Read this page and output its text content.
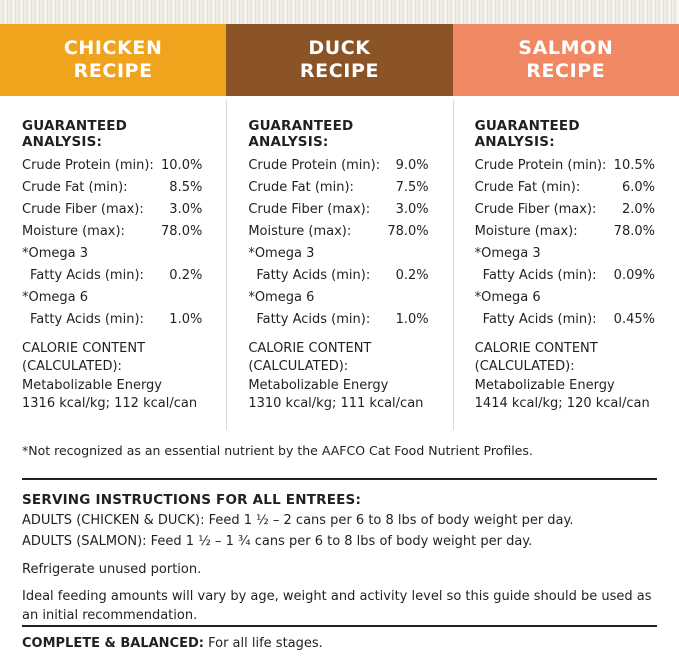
CHICKEN
RECIPE
DUCK
RECIPE
SALMON
RECIPE
GUARANTEED ANALYSIS:
Crude Protein (min): 10.0%
Crude Fat (min):	8.5%
Crude Fiber (max): 3.0%
Moisture (max):	78.0%
*Omega 3
Fatty Acids (min): 0.2%
*Omega 6
Fatty Acids (min): 1.0%
CALORIE CONTENT
(CALCULATED):
Metabolizable Energy
1316 kcal/kg; 112 kcal/can
GUARANTEED ANALYSIS:
Crude Protein (min): 9.0%
Crude Fat (min):	7.5%
Crude Fiber (max): 3.0%
Moisture (max):	78.0%
*Omega 3
Fatty Acids (min): 0.2%
*Omega 6
Fatty Acids (min): 1.0%
CALORIE CONTENT
(CALCULATED):
Metabolizable Energy
1310 kcal/kg; 111 kcal/can
GUARANTEED ANALYSIS:
Crude Protein (min): 10.5%
Crude Fat (min):	6.0%
Crude Fiber (max): 2.0%
Moisture (max):	78.0%
*Omega 3
Fatty Acids (min): 0.09%
*Omega 6
Fatty Acids (min): 0.45%
CALORIE CONTENT
(CALCULATED):
Metabolizable Energy
1414 kcal/kg; 120 kcal/can
*Not recognized as an essential nutrient by the AAFCO Cat Food Nutrient Profiles.
SERVING INSTRUCTIONS FOR ALL ENTREES:

ADULTS (CHICKEN & DUCK): Feed 1 ½ – 2 cans per 6 to 8 lbs of body weight per day.

ADULTS (SALMON): Feed 1 ½ – 1 ¾ cans per 6 to 8 lbs of body weight per day.

Refrigerate unused portion.

Ideal feeding amounts will vary by age, weight and activity level so this guide should be used as an initial recommendation.

COMPLETE & BALANCED: For all life stages.
